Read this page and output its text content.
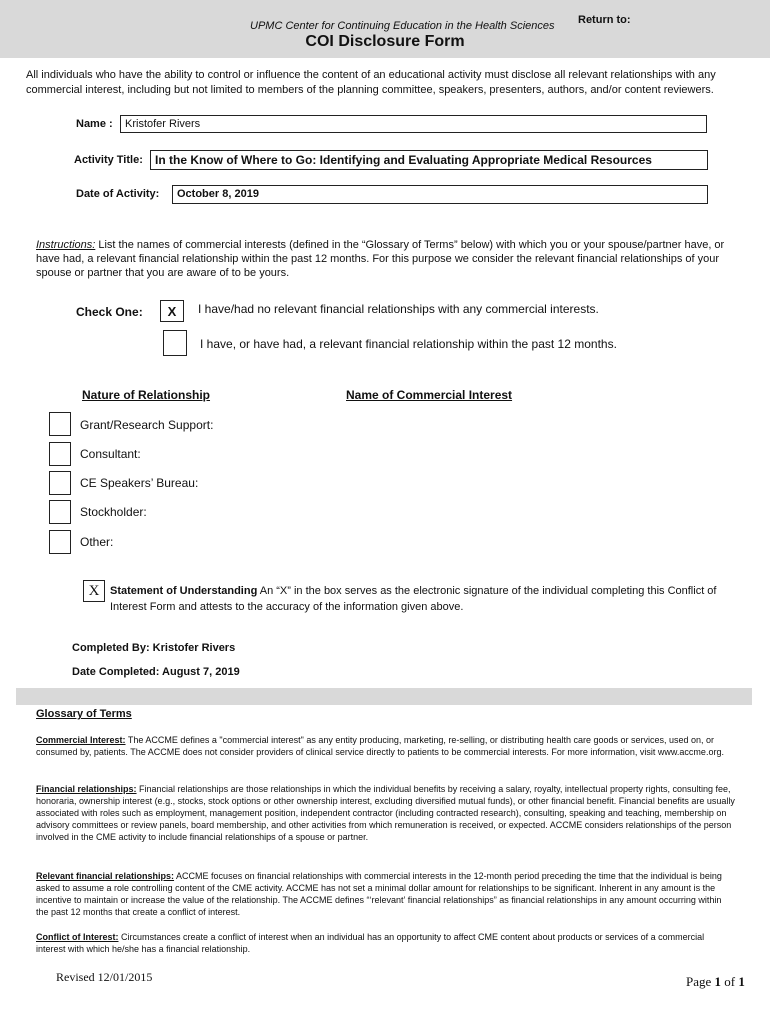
UPMC Center for Continuing Education in the Health Sciences Return to:
COI Disclosure Form
All individuals who have the ability to control or influence the content of an educational activity must disclose all relevant relationships with any commercial interest, including but not limited to members of the planning committee, speakers, presenters, authors, and/or content reviewers.
Name :	Kristofer Rivers
Activity Title:	In the Know of Where to Go: Identifying and Evaluating Appropriate Medical Resources
Date of Activity:	October 8, 2019
Instructions: List the names of commercial interests (defined in the “Glossary of Terms” below) with which you or your spouse/partner have, or have had, a relevant financial relationship within the past 12 months. For this purpose we consider the relevant financial relationships of your spouse or partner that you are aware of to be yours.
Check One:	X	I have/had no relevant financial relationships with any commercial interests.
I have, or have had, a relevant financial relationship within the past 12 months.
Nature of Relationship	Name of Commercial Interest
Grant/Research Support:
Consultant:
CE Speakers’ Bureau:
Stockholder:
Other:
X Statement of Understanding An “X” in the box serves as the electronic signature of the individual completing this Conflict of Interest Form and attests to the accuracy of the information given above.
Completed By: Kristofer Rivers
Date Completed: August 7, 2019
Glossary of Terms
Commercial Interest: The ACCME defines a "commercial interest" as any entity producing, marketing, re-selling, or distributing health care goods or services, used on, or consumed by, patients. The ACCME does not consider providers of clinical service directly to patients to be commercial interests. For more information, visit www.accme.org.
Financial relationships: Financial relationships are those relationships in which the individual benefits by receiving a salary, royalty, intellectual property rights, consulting fee, honoraria, ownership interest (e.g., stocks, stock options or other ownership interest, excluding diversified mutual funds), or other financial benefit. Financial benefits are usually associated with roles such as employment, management position, independent contractor (including contracted research), consulting, speaking and teaching, membership on advisory committees or review panels, board membership, and other activities from which remuneration is received, or expected. ACCME considers relationships of the person involved in the CME activity to include financial relationships of a spouse or partner.
Relevant financial relationships: ACCME focuses on financial relationships with commercial interests in the 12-month period preceding the time that the individual is being asked to assume a role controlling content of the CME activity. ACCME has not set a minimal dollar amount for relationships to be significant. Inherent in any amount is the incentive to maintain or increase the value of the relationship. The ACCME defines “‘relevant’ financial relationships” as financial relationships in any amount occurring within the past 12 months that create a conflict of interest.
Conflict of Interest: Circumstances create a conflict of interest when an individual has an opportunity to affect CME content about products or services of a commercial interest with which he/she has a financial relationship.
Revised 12/01/2015	Page 1 of 1
